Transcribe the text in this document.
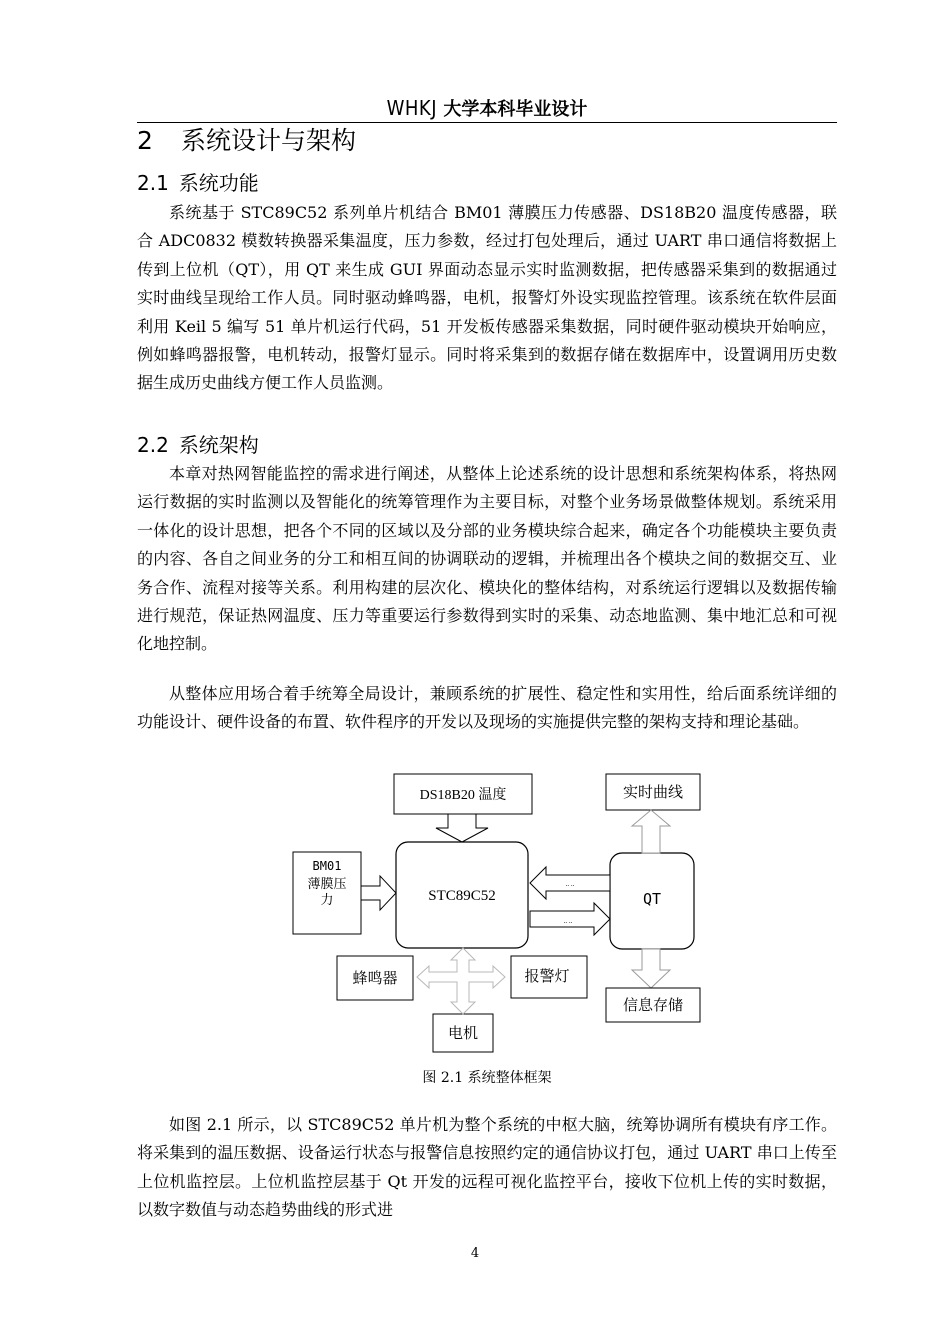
WHKJ 大学本科毕业设计
2 系统设计与架构
2.1 系统功能

系统基于 STC89C52 系列单片机结合 BM01 薄膜压力传感器、DS18B20 温度传感器，联合 ADC0832 模数转换器采集温度，压力参数，经过打包处理后，通过 UART 串口通信将数据上传到上位机（QT），用 QT 来生成 GUI 界面动态显示实时监测数据，把传感器采集到的数据通过实时曲线呈现给工作人员。同时驱动蜂鸣器，电机，报警灯外设实现监控管理。该系统在软件层面利用 Keil 5 编写 51 单片机运行代码，51 开发板传感器采集数据，同时硬件驱动模块开始响应，例如蜂鸣器报警，电机转动，报警灯显示。同时将采集到的数据存储在数据库中，设置调用历史数据生成历史曲线方便工作人员监测。

2.2 系统架构

本章对热网智能监控的需求进行阐述，从整体上论述系统的设计思想和系统架构体系，将热网运行数据的实时监测以及智能化的统筹管理作为主要目标，对整个业务场景做整体规划。系统采用一体化的设计思想，把各个不同的区域以及分部的业务模块综合起来，确定各个功能模块主要负责的内容、各自之间业务的分工和相互间的协调联动的逻辑，并梳理出各个模块之间的数据交互、业务合作、流程对接等关系。利用构建的层次化、模块化的整体结构，对系统运行逻辑以及数据传输进行规范，保证热网温度、压力等重要运行参数得到实时的采集、动态地监测、集中地汇总和可视化地控制。

从整体应用场合着手统筹全局设计，兼顾系统的扩展性、稳定性和实用性，给后面系统详细的功能设计、硬件设备的布置、软件程序的开发以及现场的实施提供完整的架构支持和理论基础。

DS18B20 温度
STC89C52
BM01
薄膜压
力	QT
.. ..
.. ..
实时曲线
信息存储
蜂鸣器	报警灯
电机

图 2.1 系统整体框架

如图 2.1 所示，以 STC89C52 单片机为整个系统的中枢大脑，统筹协调所有模块有序工作。将采集到的温压数据、设备运行状态与报警信息按照约定的通信协议打包，通过 UART 串口上传至上位机监控层。上位机监控层基于 Qt 开发的远程可视化监控平台，接收下位机上传的实时数据，以数字数值与动态趋势曲线的形式进

4
